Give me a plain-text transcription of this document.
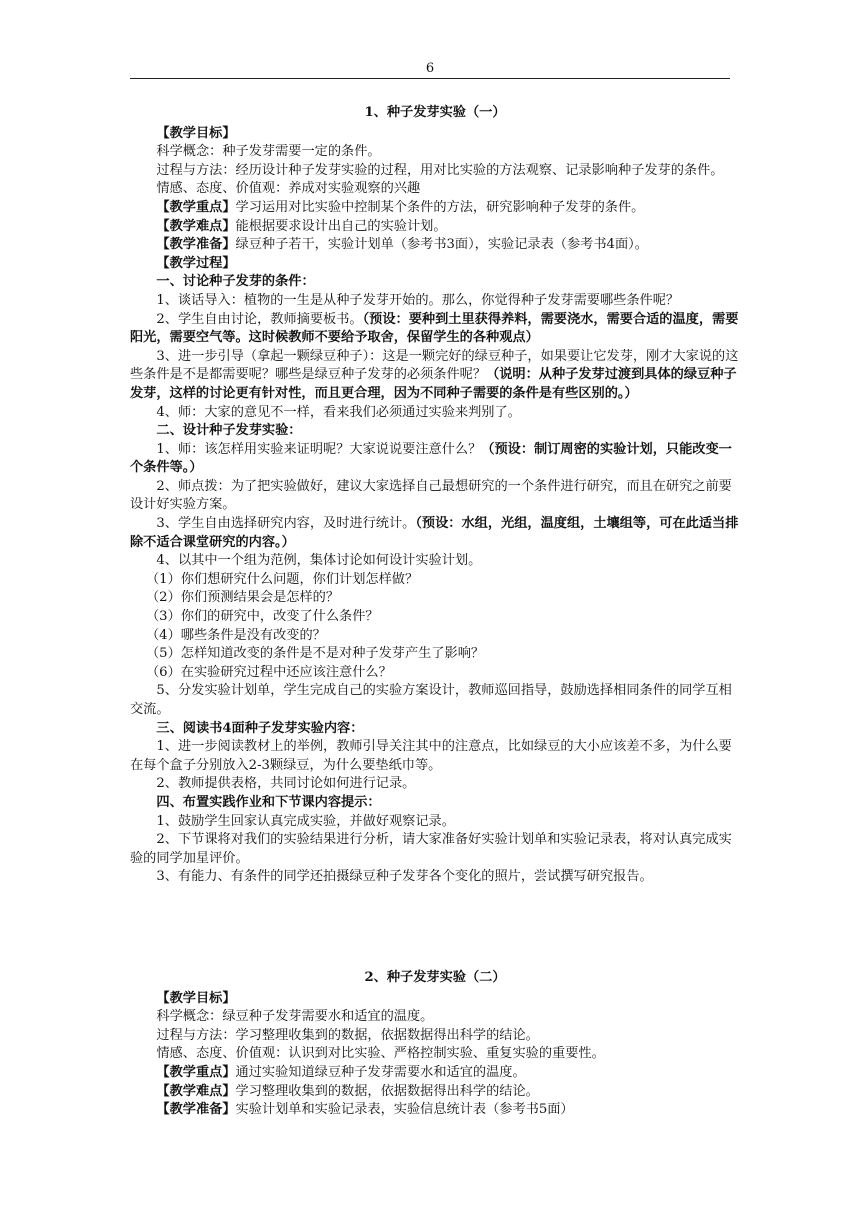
6

1、种子发芽实验（一）

【教学目标】

科学概念：种子发芽需要一定的条件。

过程与方法：经历设计种子发芽实验的过程，用对比实验的方法观察、记录影响种子发芽的条件。

情感、态度、价值观：养成对实验观察的兴趣

【教学重点】学习运用对比实验中控制某个条件的方法，研究影响种子发芽的条件。

【教学难点】能根据要求设计出自己的实验计划。

【教学准备】绿豆种子若干，实验计划单（参考书3面），实验记录表（参考书4面）。

【教学过程】

一、讨论种子发芽的条件：

1、谈话导入：植物的一生是从种子发芽开始的。那么，你觉得种子发芽需要哪些条件呢？

2、学生自由讨论，教师摘要板书。（预设：要种到土里获得养料，需要浇水，需要合适的温度，需要阳光，需要空气等。这时候教师不要给予取舍，保留学生的各种观点）

3、进一步引导（拿起一颗绿豆种子）：这是一颗完好的绿豆种子，如果要让它发芽，刚才大家说的这些条件是不是都需要呢？哪些是绿豆种子发芽的必须条件呢？（说明：从种子发芽过渡到具体的绿豆种子发芽，这样的讨论更有针对性，而且更合理，因为不同种子需要的条件是有些区别的。）

4、师：大家的意见不一样，看来我们必须通过实验来判别了。

二、设计种子发芽实验：

1、师：该怎样用实验来证明呢？大家说说要注意什么？（预设：制订周密的实验计划，只能改变一个条件等。）

2、师点拨：为了把实验做好，建议大家选择自己最想研究的一个条件进行研究，而且在研究之前要设计好实验方案。

3、学生自由选择研究内容，及时进行统计。（预设：水组，光组，温度组，土壤组等，可在此适当排除不适合课堂研究的内容。）

4、以其中一个组为范例，集体讨论如何设计实验计划。

（1）你们想研究什么问题，你们计划怎样做？

（2）你们预测结果会是怎样的？

（3）你们的研究中，改变了什么条件？

（4）哪些条件是没有改变的？

（5）怎样知道改变的条件是不是对种子发芽产生了影响？

（6）在实验研究过程中还应该注意什么？

5、分发实验计划单，学生完成自己的实验方案设计，教师巡回指导，鼓励选择相同条件的同学互相交流。

三、阅读书4面种子发芽实验内容：

1、进一步阅读教材上的举例，教师引导关注其中的注意点，比如绿豆的大小应该差不多，为什么要在每个盒子分别放入2-3颗绿豆，为什么要垫纸巾等。

2、教师提供表格，共同讨论如何进行记录。

四、布置实践作业和下节课内容提示：

1、鼓励学生回家认真完成实验，并做好观察记录。

2、下节课将对我们的实验结果进行分析，请大家准备好实验计划单和实验记录表，将对认真完成实验的同学加星评价。

3、有能力、有条件的同学还拍摄绿豆种子发芽各个变化的照片，尝试撰写研究报告。

2、种子发芽实验（二）

【教学目标】

科学概念：绿豆种子发芽需要水和适宜的温度。

过程与方法：学习整理收集到的数据，依据数据得出科学的结论。

情感、态度、价值观：认识到对比实验、严格控制实验、重复实验的重要性。

【教学重点】通过实验知道绿豆种子发芽需要水和适宜的温度。

【教学难点】学习整理收集到的数据，依据数据得出科学的结论。

【教学准备】实验计划单和实验记录表，实验信息统计表（参考书5面）
